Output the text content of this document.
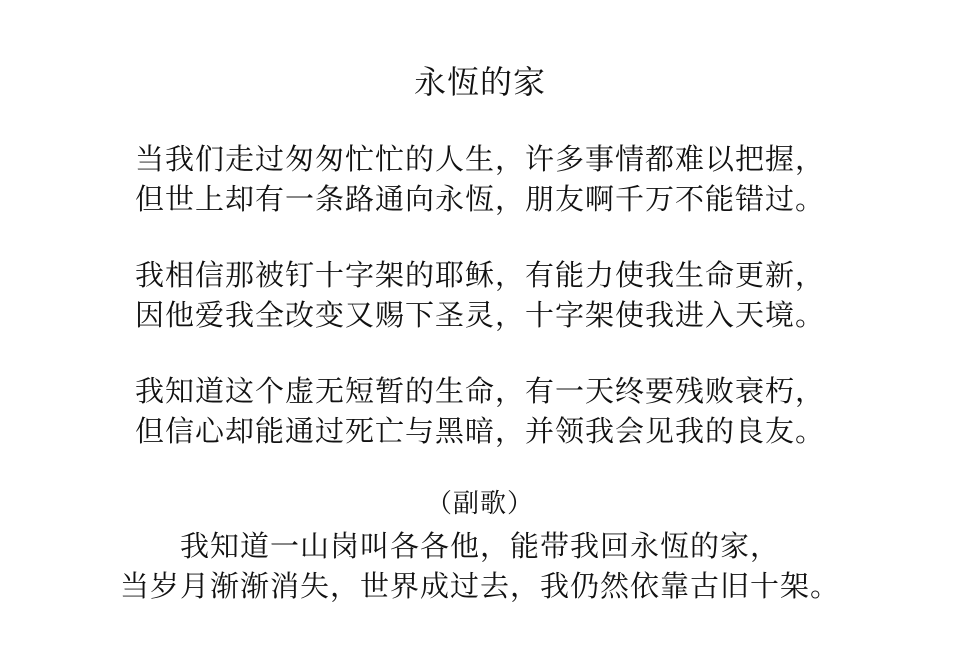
永恆的家
当我们走过匆匆忙忙的人生，许多事情都难以把握，
但世上却有一条路通向永恆，朋友啊千万不能错过。
我相信那被钉十字架的耶稣，有能力使我生命更新，
因他爱我全改变又赐下圣灵，十字架使我进入天境。
我知道这个虚无短暂的生命，有一天终要残败衰朽，
但信心却能通过死亡与黑暗，并领我会见我的良友。
（副歌）
我知道一山岗叫各各他，能带我回永恆的家，
当岁月渐渐消失，世界成过去，我仍然依靠古旧十架。
